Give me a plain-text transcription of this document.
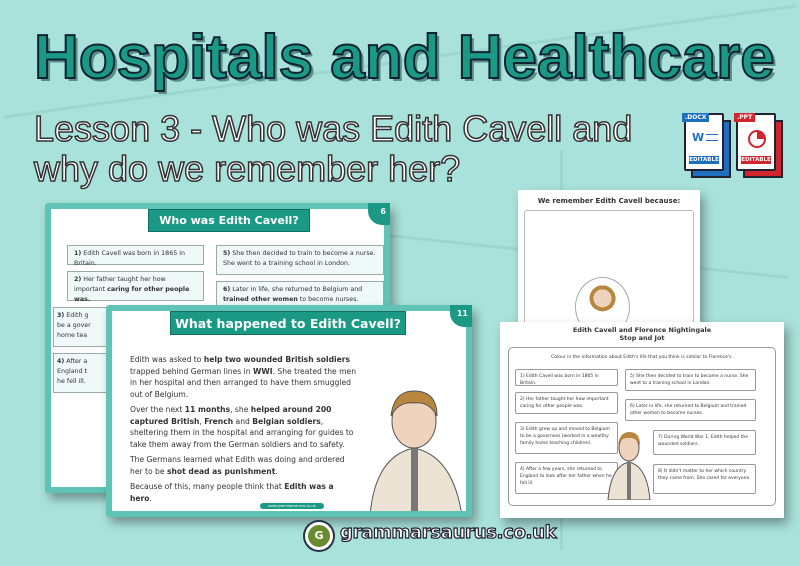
Hospitals and Healthcare
Lesson 3 - Who was Edith Cavell and
why do we remember her?
.DOCX
W
EDITABLE
.PPT
EDITABLE
Who was Edith Cavell?
1) Edith Cavell was born in 1865 in Britain.
2) Her father taught her how important caring for other people was.
3) Edith g
be a gover
home tea
4) After a
England t
he fell ill.
5) She then decided to train to become a nurse. She went to a training school in London.
6) Later in life, she returned to Belgium and trained other women to become nurses.
6
What happened to Edith Cavell?

Edith was asked to help two wounded British soldiers trapped behind German lines in WWI. She treated the men in her hospital and then arranged to have them smuggled out of Belgium.

Over the next 11 months, she helped around 200 captured British, French and Belgian soldiers, sheltering them in the hospital and arranging for guides to take them away from the German soldiers and to safety.

The Germans learned what Edith was doing and ordered her to be shot dead as punishment.

Because of this, many people think that Edith was a hero.

www.grammarsaurus.co.uk
11
We remember Edith Cavell because:
Edith Cavell and Florence Nightingale
Stop and Jot
Colour in the information about Edith's life that you think is similar to Florence's.
1) Edith Cavell was born in 1865 in Britain.
2) Her father taught her how important caring for other people was.
3) Edith grew up and moved to Belgium to be a governess (worked in a wealthy family home teaching children).
4) After a few years, she returned to England to look after her father when he fell ill.
5) She then decided to train to become a nurse. She went to a training school in London.
6) Later in life, she returned to Belgium and trained other women to become nurses.
7) During World War 1, Edith helped the wounded soldiers.
8) It didn't matter to her which country they came from. She cared for everyone.
G grammarsaurus.co.uk
